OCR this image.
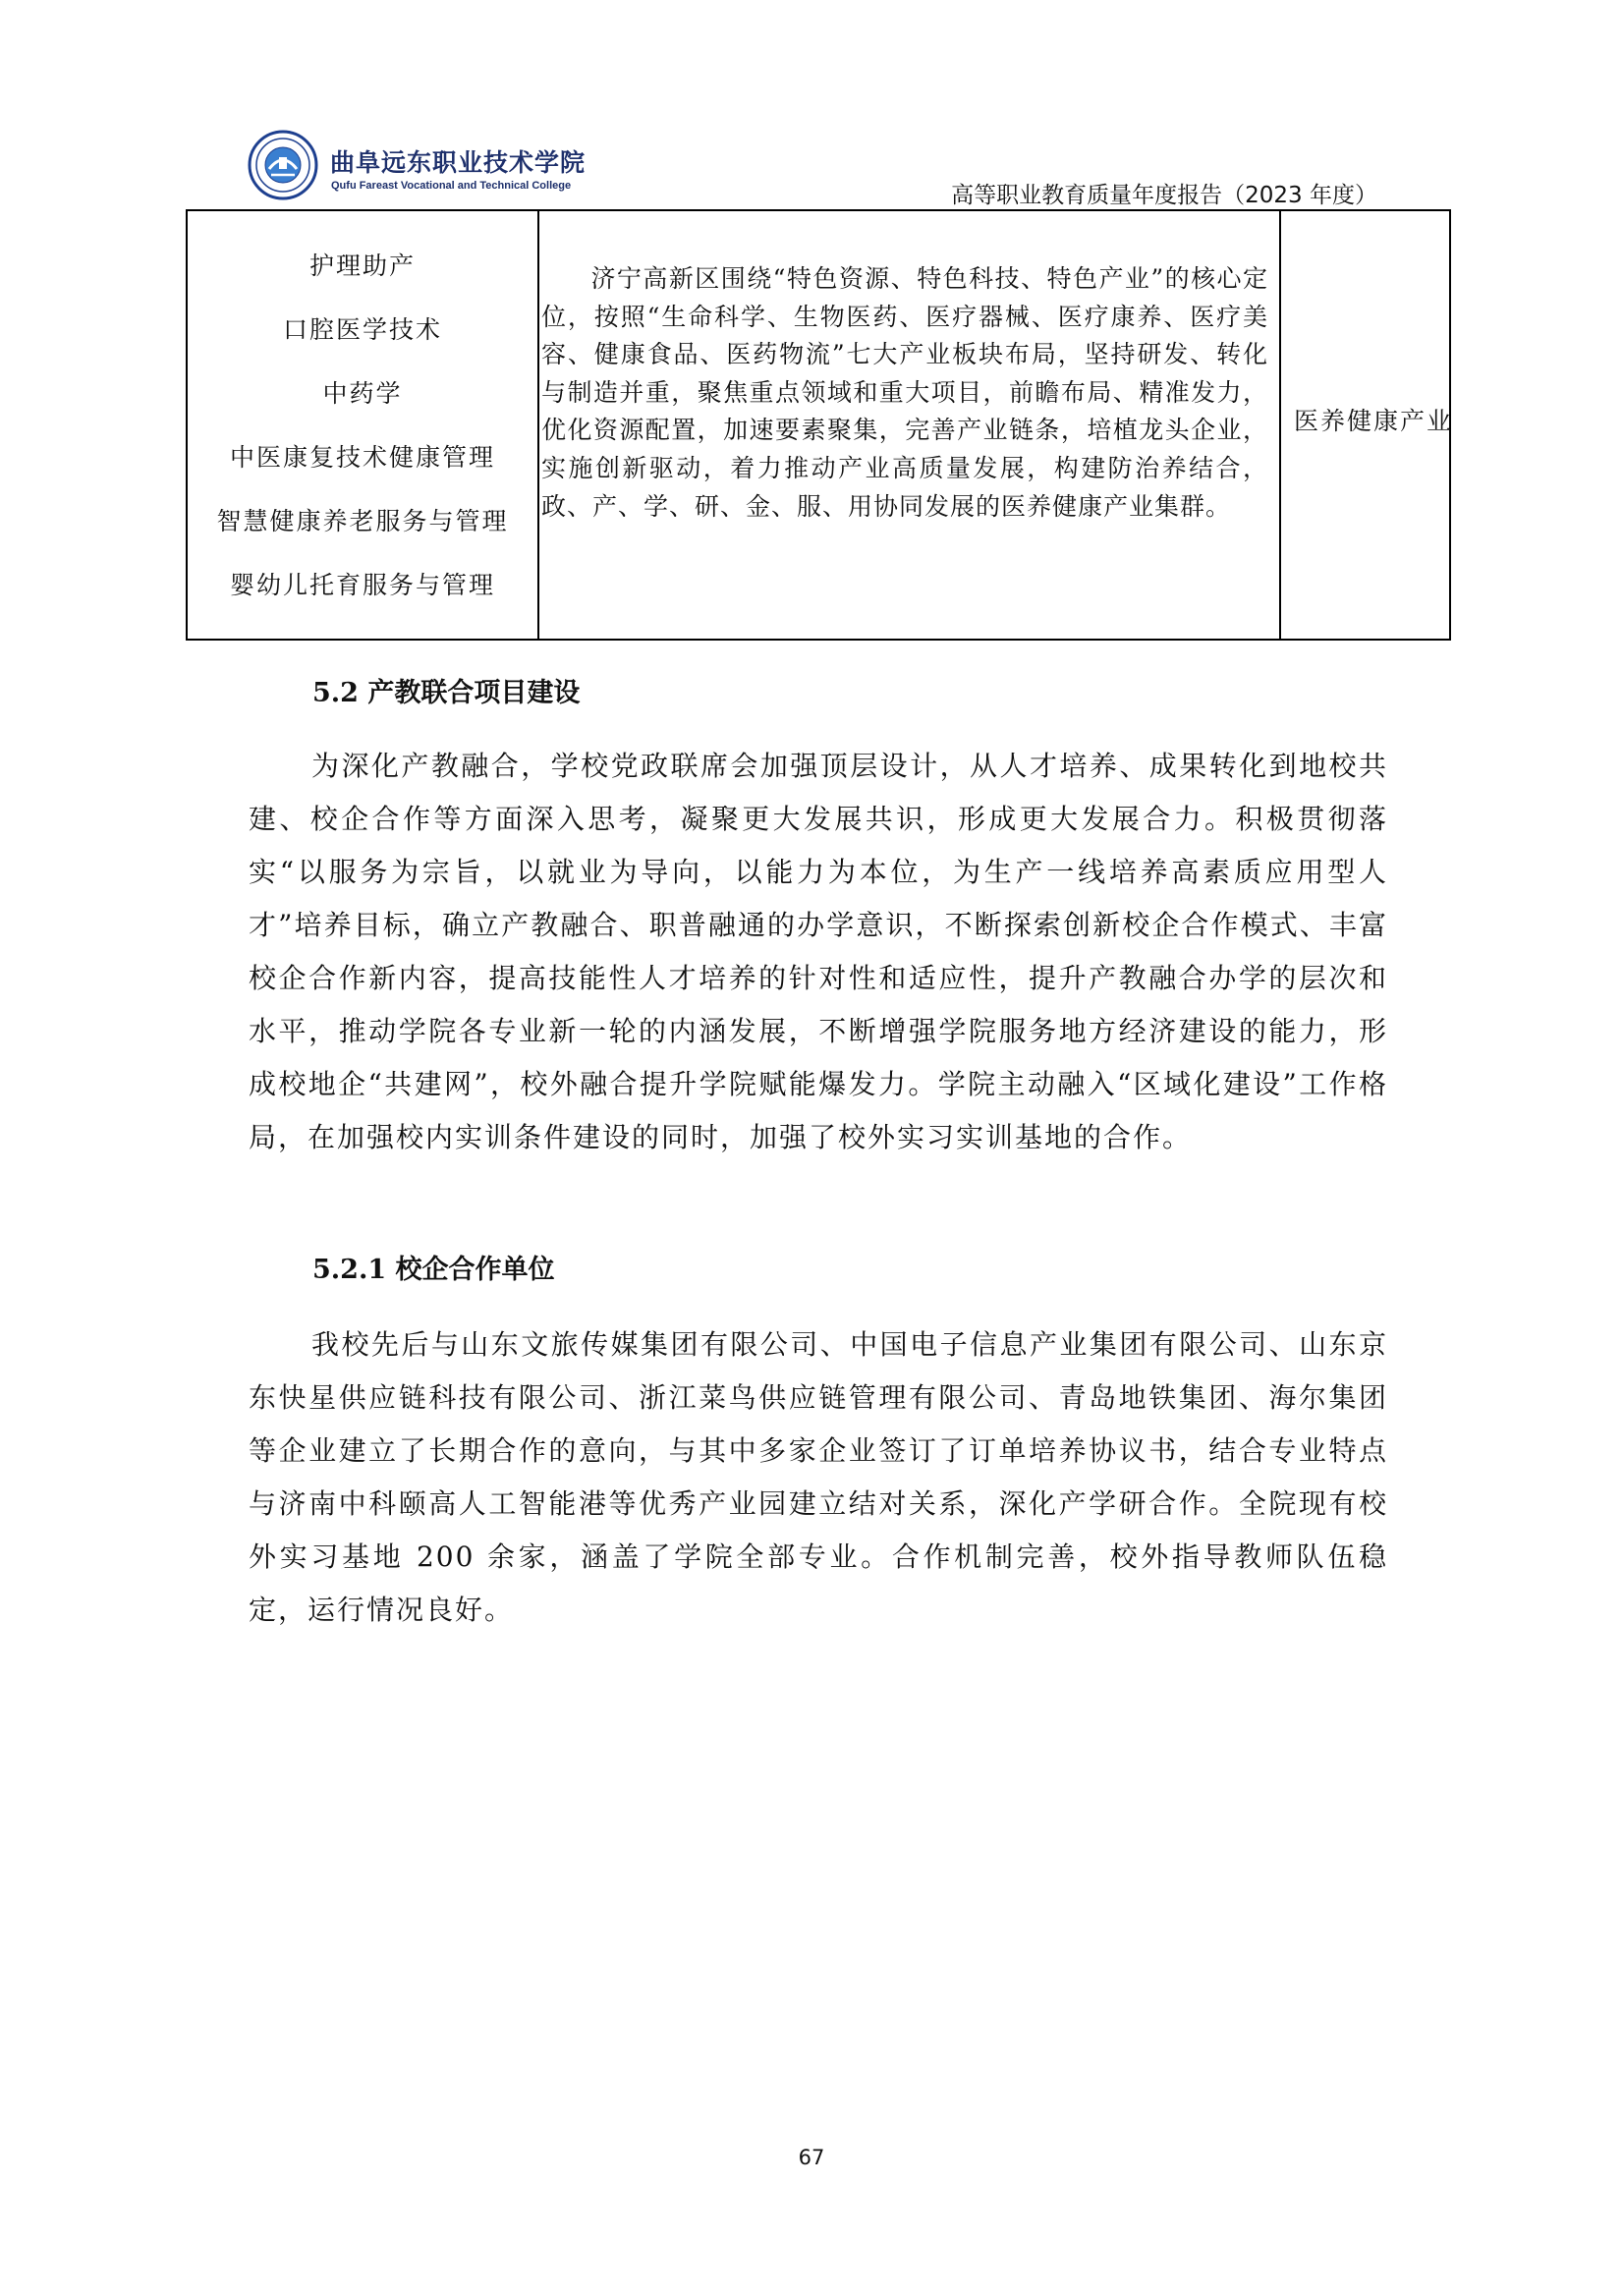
曲阜远东职业技术学院
Qufu Fareast Vocational and Technical College	高等职业教育质量年度报告（2023 年度）
护理助产
口腔医学技术
中药学
中医康复技术健康管理
智慧健康养老服务与管理
婴幼儿托育服务与管理
济宁高新区围绕“特色资源、特色科技、特色产业”的核心定位，按照“生命科学、生物医药、医疗器械、医疗康养、医疗美容、健康食品、医药物流”七大产业板块布局，坚持研发、转化与制造并重，聚焦重点领域和重大项目，前瞻布局、精准发力，优化资源配置，加速要素聚集，完善产业链条，培植龙头企业，实施创新驱动，着力推动产业高质量发展，构建防治养结合，政、产、学、研、金、服、用协同发展的医养健康产业集群。
医养健康产业
5.2 产教联合项目建设
为深化产教融合，学校党政联席会加强顶层设计，从人才培养、成果转化到地校共建、校企合作等方面深入思考，凝聚更大发展共识，形成更大发展合力。积极贯彻落实“以服务为宗旨，以就业为导向，以能力为本位，为生产一线培养高素质应用型人才”培养目标，确立产教融合、职普融通的办学意识，不断探索创新校企合作模式、丰富校企合作新内容，提高技能性人才培养的针对性和适应性，提升产教融合办学的层次和水平，推动学院各专业新一轮的内涵发展，不断增强学院服务地方经济建设的能力，形成校地企“共建网”，校外融合提升学院赋能爆发力。学院主动融入“区域化建设”工作格局，在加强校内实训条件建设的同时，加强了校外实习实训基地的合作。
5.2.1 校企合作单位
我校先后与山东文旅传媒集团有限公司、中国电子信息产业集团有限公司、山东京东快星供应链科技有限公司、浙江菜鸟供应链管理有限公司、青岛地铁集团、海尔集团等企业建立了长期合作的意向，与其中多家企业签订了订单培养协议书，结合专业特点与济南中科颐高人工智能港等优秀产业园建立结对关系，深化产学研合作。全院现有校外实习基地 200 余家，涵盖了学院全部专业。合作机制完善，校外指导教师队伍稳定，运行情况良好。
67
